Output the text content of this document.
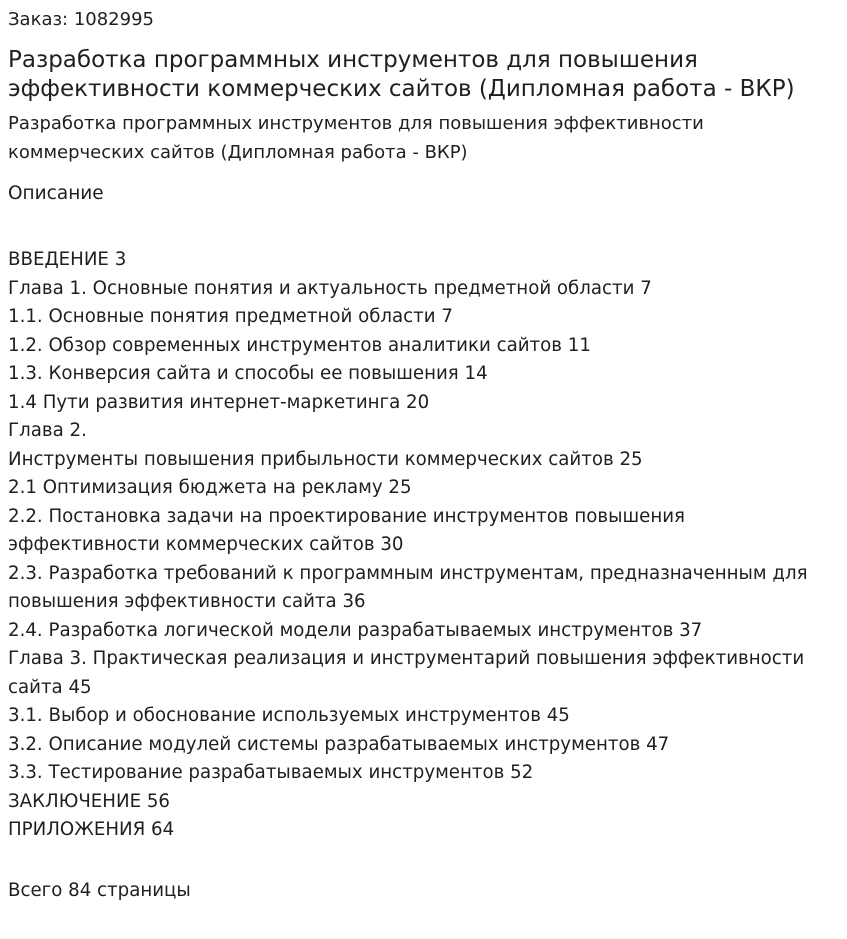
Заказ: 1082995

Разработка программных инструментов для повышения эффективности коммерческих сайтов (Дипломная работа - ВКР)

Разработка программных инструментов для повышения эффективности коммерческих сайтов (Дипломная работа - ВКР)

Описание
ВВЕДЕНИЕ 3
Глава 1. Основные понятия и актуальность предметной области 7
1.1. Основные понятия предметной области 7
1.2. Обзор современных инструментов аналитики сайтов 11
1.3. Конверсия сайта и способы ее повышения 14
1.4 Пути развития интернет-маркетинга 20
Глава 2.
Инструменты повышения прибыльности коммерческих сайтов 25
2.1 Оптимизация бюджета на рекламу 25
2.2. Постановка задачи на проектирование инструментов повышения эффективности коммерческих сайтов 30
2.3. Разработка требований к программным инструментам, предназначенным для повышения эффективности сайта 36
2.4. Разработка логической модели разрабатываемых инструментов 37
Глава 3. Практическая реализация и инструментарий повышения эффективности сайта 45
3.1. Выбор и обоснование используемых инструментов 45
3.2. Описание модулей системы разрабатываемых инструментов 47
3.3. Тестирование разрабатываемых инструментов 52
ЗАКЛЮЧЕНИЕ 56
ПРИЛОЖЕНИЯ 64

Всего 84 страницы
